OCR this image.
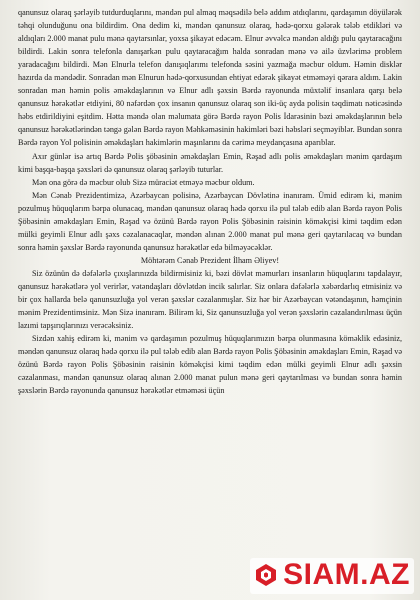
qanunsuz olaraq şərləyib tutdurduqlarını, məndən pul almaq məqsədilə belə addım atdıqlarını, qardaşımın döyülərək təhqi olunduğunu ona bildirdim. Ona dedim ki, məndən qanunsuz olaraq, hədə-qorxu gələrək tələb etdikləri və aldıqları 2.000 manat pulu mənə qaytarsınlar, yoxsa şikayət edəcəm. Elnur əvvəlcə məndən aldığı pulu qaytaracağını bildirdi. Lakin sonra telefonla danışarkən pulu qaytaracağım halda sonradan mənə və ailə üzvlərimə problem yaradacağını bildirdi. Mən Elnurla telefon danışıqlarımı telefonda səsini yazmağa məcbur oldum. Həmin disklər hazırda da məndədir. Sonradan mən Elnurun hədə-qorxusundan ehtiyat edərək şikayət etməməyi qərara aldım. Lakin sonradan mən həmin polis əməkdaşlarının və Elnur adlı şəxsin Bərdə rayonunda müxtəlif insanlara qarşı belə qanunsuz hərəkətlər etdiyini, 80 nəfərdən çox insanın qanunsuz olaraq son iki-üç ayda polisin təqdimatı nəticəsində həbs etdirildiyini eşitdim. Hətta məndə olan məlumata görə Bərdə rayon Polis İdarəsinin bəzi əməkdaşlarının belə qanunsuz hərəkətlərindən təngə gələn Bərdə rayon Məhkəməsinin hakimləri bəzi həbsləri seçməyiblər. Bundan sonra Bərdə rayon Yol polisinin əməkdaşları hakimlərin maşınlarını da cərimə meydançasına aparıblar.

Axır günlər isə artıq Bərdə Polis şöbəsinin əməkdaşları Emin, Rəşad adlı polis əməkdaşları mənim qardaşım kimi başqa-başqa şəxsləri də qanunsuz olaraq şərləyib tuturlar.

Mən ona görə də məcbur olub Sizə müraciət etməyə məcbur oldum.

Mən Cənab Prezidentimizə, Azərbaycan polisinə, Azərbaycan Dövlətinə inanıram. Ümid edirəm ki, mənim pozulmuş hüquqlarım bərpa olunacaq, məndən qanunsuz olaraq hədə qorxu ilə pul tələb edib alan Bərdə rayon Polis Şöbəsinin əməkdaşları Emin, Rəşad və özünü Bərdə rayon Polis Şöbəsinin rəisinin köməkçisi kimi təqdim edən mülki geyimli Elnur adlı şəxs cəzalanacaqlar, məndən alınan 2.000 manat pul mənə geri qaytarılacaq və bundan sonra həmin şəxslər Bərdə rayonunda qanunsuz hərəkətlər edə bilməyəcəklər.

Möhtərəm Cənab Prezident İlham Əliyev!

Siz özünün də dəfələrlə çıxışlarınızda bildirmisiniz ki, bəzi dövlət məmurları insanların hüquqlarını tapdalayır, qanunsuz hərəkətlərə yol verirlər, vətəndaşları dövlətdən incik salırlar. Siz onlara dəfələrlə xəbərdarlıq etmisiniz və bir çox hallarda belə qanunsuzluğa yol verən şəxslər cəzalanmışlar. Siz hər bir Azərbaycan vətəndaşının, həmçinin mənim Prezidentimsiniz. Mən Sizə inanıram. Bilirəm ki, Siz qanunsuzluğa yol verən şəxslərin cəzalandırılması üçün lazımi tapşırıqlarınızı verəcəksiniz.

Sizdən xahiş edirəm ki, mənim və qardaşımın pozulmuş hüquqlarımızın bərpa olunmasına köməklik edəsiniz, məndən qanunsuz olaraq hədə qorxu ilə pul tələb edib alan Bərdə rayon Polis Şöbəsinin əməkdaşları Emin, Rəşad və özünü Bərdə rayon Polis Şöbəsinin rəisinin köməkçisi kimi təqdim edən mülki geyimli Elnur adlı şəxsin cəzalanması, məndən qanunsuz olaraq alınan 2.000 manat pulun mənə geri qaytarılması və bundan sonra həmin şəxslərin Bərdə rayonunda qanunsuz hərəkətlər etməməsi üçün

SIAM.AZ
